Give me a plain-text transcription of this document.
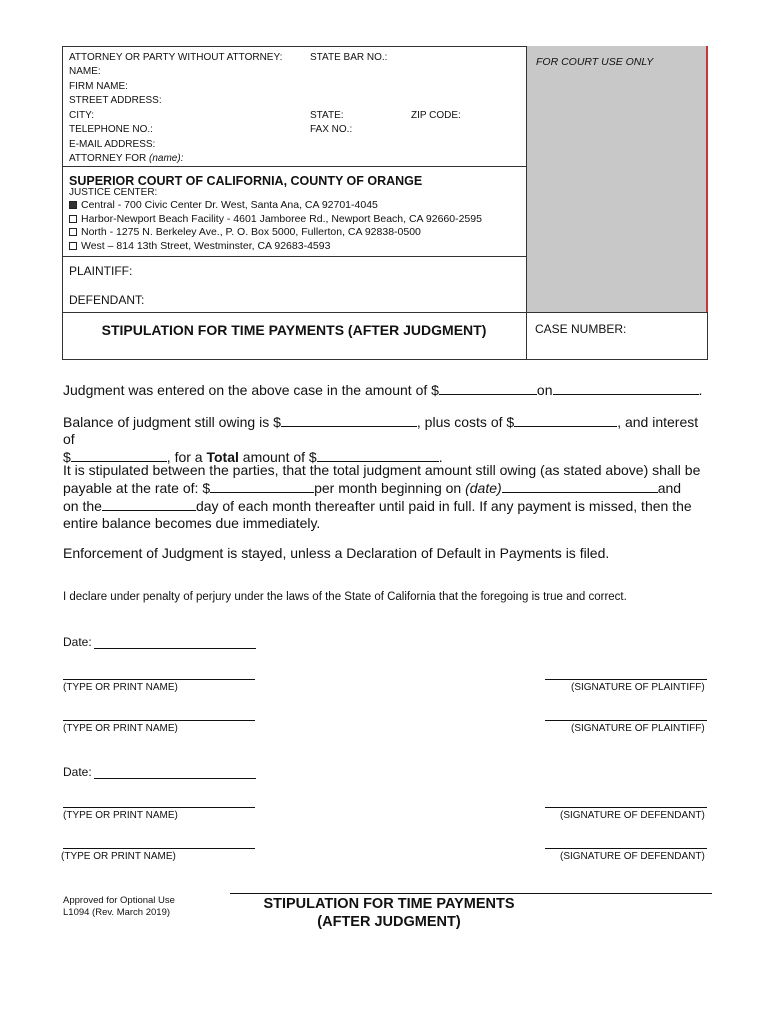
FOR COURT USE ONLY
ATTORNEY OR PARTY WITHOUT ATTORNEY:	STATE BAR NO.:
NAME:
FIRM NAME:
STREET ADDRESS:
CITY:	STATE:	ZIP CODE:
TELEPHONE NO.:	FAX NO.:
E-MAIL ADDRESS:
ATTORNEY FOR (name):
SUPERIOR COURT OF CALIFORNIA, COUNTY OF ORANGE
JUSTICE CENTER:
Central - 700 Civic Center Dr. West, Santa Ana, CA 92701-4045
Harbor-Newport Beach Facility - 4601 Jamboree Rd., Newport Beach, CA 92660-2595
North - 1275 N. Berkeley Ave., P. O. Box 5000, Fullerton, CA 92838-0500
West – 814 13th Street, Westminster, CA 92683-4593
PLAINTIFF:
DEFENDANT:
STIPULATION FOR TIME PAYMENTS (AFTER JUDGMENT)	CASE NUMBER:
Judgment was entered on the above case in the amount of $	on	.
Balance of judgment still owing is $	, plus costs of $	, and interest of
$	, for a Total amount of $	.
It is stipulated between the parties, that the total judgment amount still owing (as stated above) shall be
payable at the rate of: $	per month beginning on (date)	and
on the	day of each month thereafter until paid in full. If any payment is missed, then the
entire balance becomes due immediately.
Enforcement of Judgment is stayed, unless a Declaration of Default in Payments is filed.
I declare under penalty of perjury under the laws of the State of California that the foregoing is true and correct.
Date:
(TYPE OR PRINT NAME)	(SIGNATURE OF PLAINTIFF)
(TYPE OR PRINT NAME)	(SIGNATURE OF PLAINTIFF)
Date:
(TYPE OR PRINT NAME)	(SIGNATURE OF DEFENDANT)
(TYPE OR PRINT NAME)	(SIGNATURE OF DEFENDANT)
Approved for Optional Use
L1094 (Rev. March 2019)	STIPULATION FOR TIME PAYMENTS
(AFTER JUDGMENT)
